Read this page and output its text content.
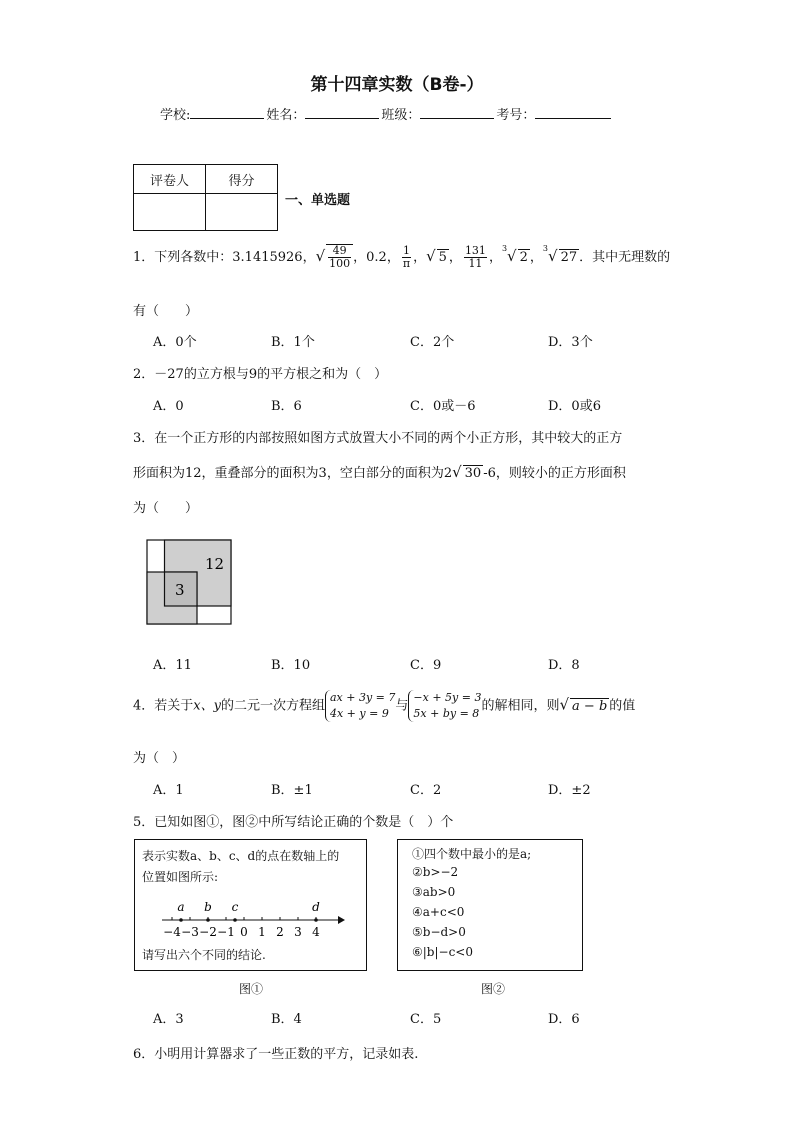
第十四章实数（B卷-）
学校:	姓名：	班级：	考号：
评卷人	得分

一、单选题
1．下列各数中：3.1415926，√ $\frac{49}{100}$ ，0.2， $\frac{1}{\pi}$ ，√ 5 ， $\frac{131}{11}$ ，$^3$√ 2 ，$^3$√ 27 ．其中无理数的
有（　　）
A．0个	B．1个	C．2个	D．3个
2．－27的立方根与9的平方根之和为（　）
A．0	B．6	C．0或－6	D．0或6
3．在一个正方形的内部按照如图方式放置大小不同的两个小正方形，其中较大的正方
形面积为12，重叠部分的面积为3，空白部分的面积为2√ 30 -6，则较小的正方形面积
为（　　）
12
3
A．11	B．10	C．9	D．8
4．若关于x、y的二元一次方程组
ax + 3y = 7
4x + y = 9 与
−x + 5y = 3
5x + by = 8 的解相同，则√ a − b 的值
为（　）
A．1	B．±1	C．2	D．±2
5．已知如图①，图②中所写结论正确的个数是（　）个
表示实数a、b、c、d的点在数轴上的
位置如图所示:
−4 −3 −2 −1 0 1 2 3 4
a b c	d
请写出六个不同的结论.
图①
①四个数中最小的是a;
②b>−2
③ab>0
④a+c<0
⑤b−d>0
⑥|b|−c<0
图②
A．3	B．4	C．5	D．6
6．小明用计算器求了一些正数的平方，记录如表.
